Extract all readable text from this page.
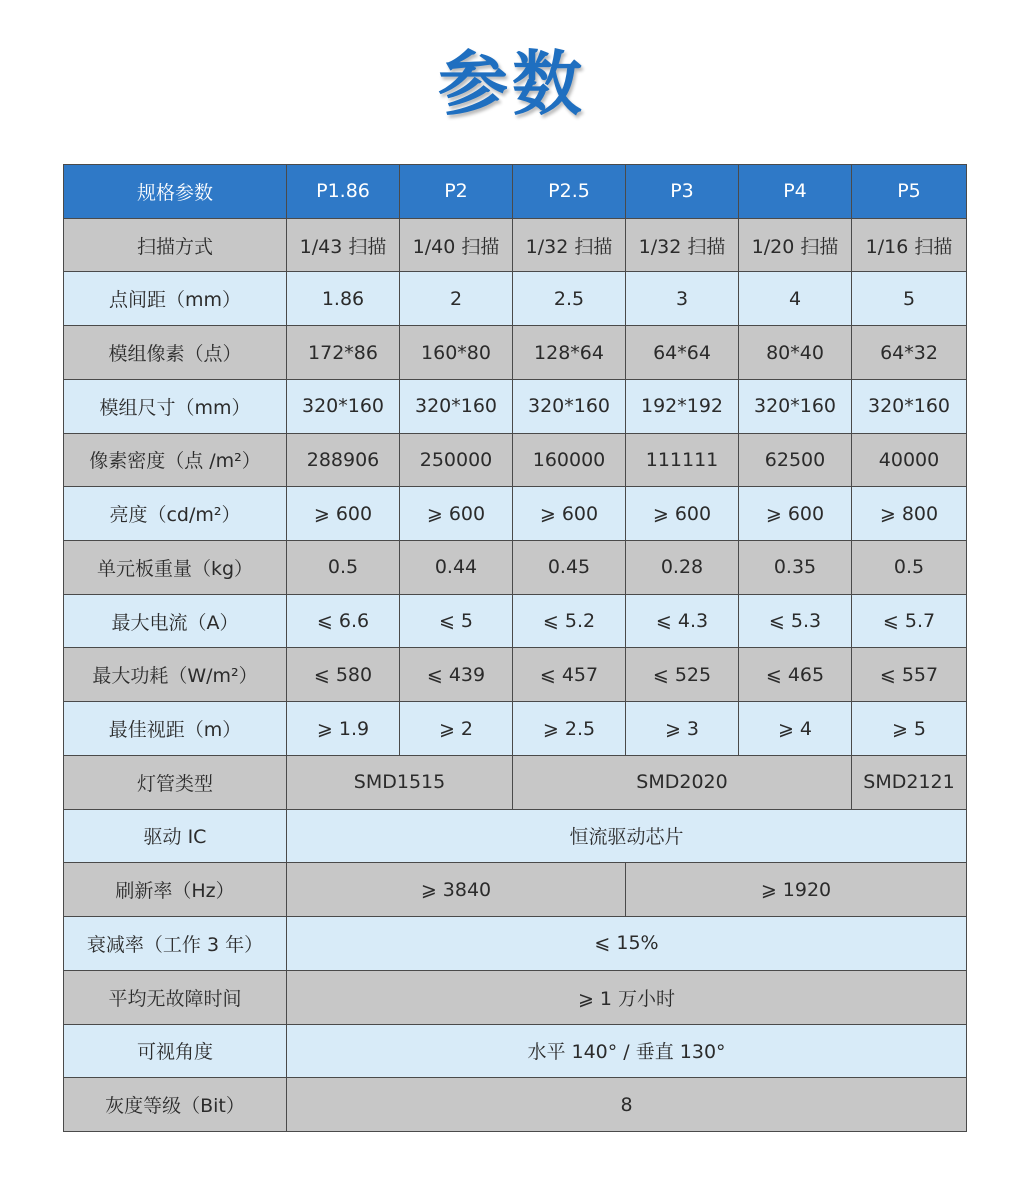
参数
规格参数	P1.86	P2	P2.5	P3	P4	P5
扫描方式	1/43 扫描	1/40 扫描	1/32 扫描	1/32 扫描	1/20 扫描	1/16 扫描
点间距（mm）	1.86	2	2.5	3	4	5
模组像素（点）	172*86	160*80	128*64	64*64	80*40	64*32
模组尺寸（mm）	320*160	320*160	320*160	192*192	320*160	320*160
像素密度（点 /m²）	288906	250000	160000	111111	62500	40000
亮度（cd/m²）	⩾ 600	⩾ 600	⩾ 600	⩾ 600	⩾ 600	⩾ 800
单元板重量（kg）	0.5	0.44	0.45	0.28	0.35	0.5
最大电流（A）	⩽ 6.6	⩽ 5	⩽ 5.2	⩽ 4.3	⩽ 5.3	⩽ 5.7
最大功耗（W/m²）	⩽ 580	⩽ 439	⩽ 457	⩽ 525	⩽ 465	⩽ 557
最佳视距（m）	⩾ 1.9	⩾ 2	⩾ 2.5	⩾ 3	⩾ 4	⩾ 5
灯管类型	SMD1515		SMD2020			SMD2121
驱动 IC	恒流驱动芯片					
刷新率（Hz）	⩾ 3840			⩾ 1920		
衰减率（工作 3 年）	⩽ 15%					
平均无故障时间	⩾ 1 万小时					
可视角度	水平 140° / 垂直 130°					
灰度等级（Bit）	8					
